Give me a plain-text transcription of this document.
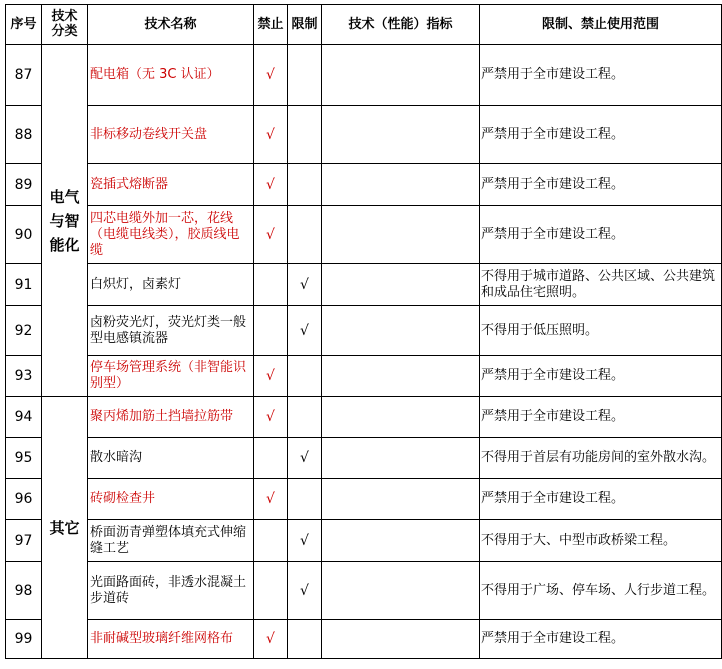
序号	技术分类	技术名称	禁止	限制	技术（性能）指标	限制、禁止使用范围
87	电气与智能化	配电箱（无 3C 认证）	√			严禁用于全市建设工程。
88		非标移动卷线开关盘	√			严禁用于全市建设工程。
89		瓷插式熔断器	√			严禁用于全市建设工程。
90		四芯电缆外加一芯，花线（电缆电线类），胶质线电缆	√			严禁用于全市建设工程。
91		白炽灯，卤素灯		√		不得用于城市道路、公共区域、公共建筑和成品住宅照明。
92		卤粉荧光灯，荧光灯类一般型电感镇流器		√		不得用于低压照明。
93		停车场管理系统（非智能识别型）	√			严禁用于全市建设工程。
94	其它	聚丙烯加筋土挡墙拉筋带	√			严禁用于全市建设工程。
95		散水暗沟		√		不得用于首层有功能房间的室外散水沟。
96		砖砌检查井	√			严禁用于全市建设工程。
97		桥面沥青弹塑体填充式伸缩缝工艺		√		不得用于大、中型市政桥梁工程。
98		光面路面砖，非透水混凝土步道砖		√		不得用于广场、停车场、人行步道工程。
99		非耐碱型玻璃纤维网格布	√			严禁用于全市建设工程。
